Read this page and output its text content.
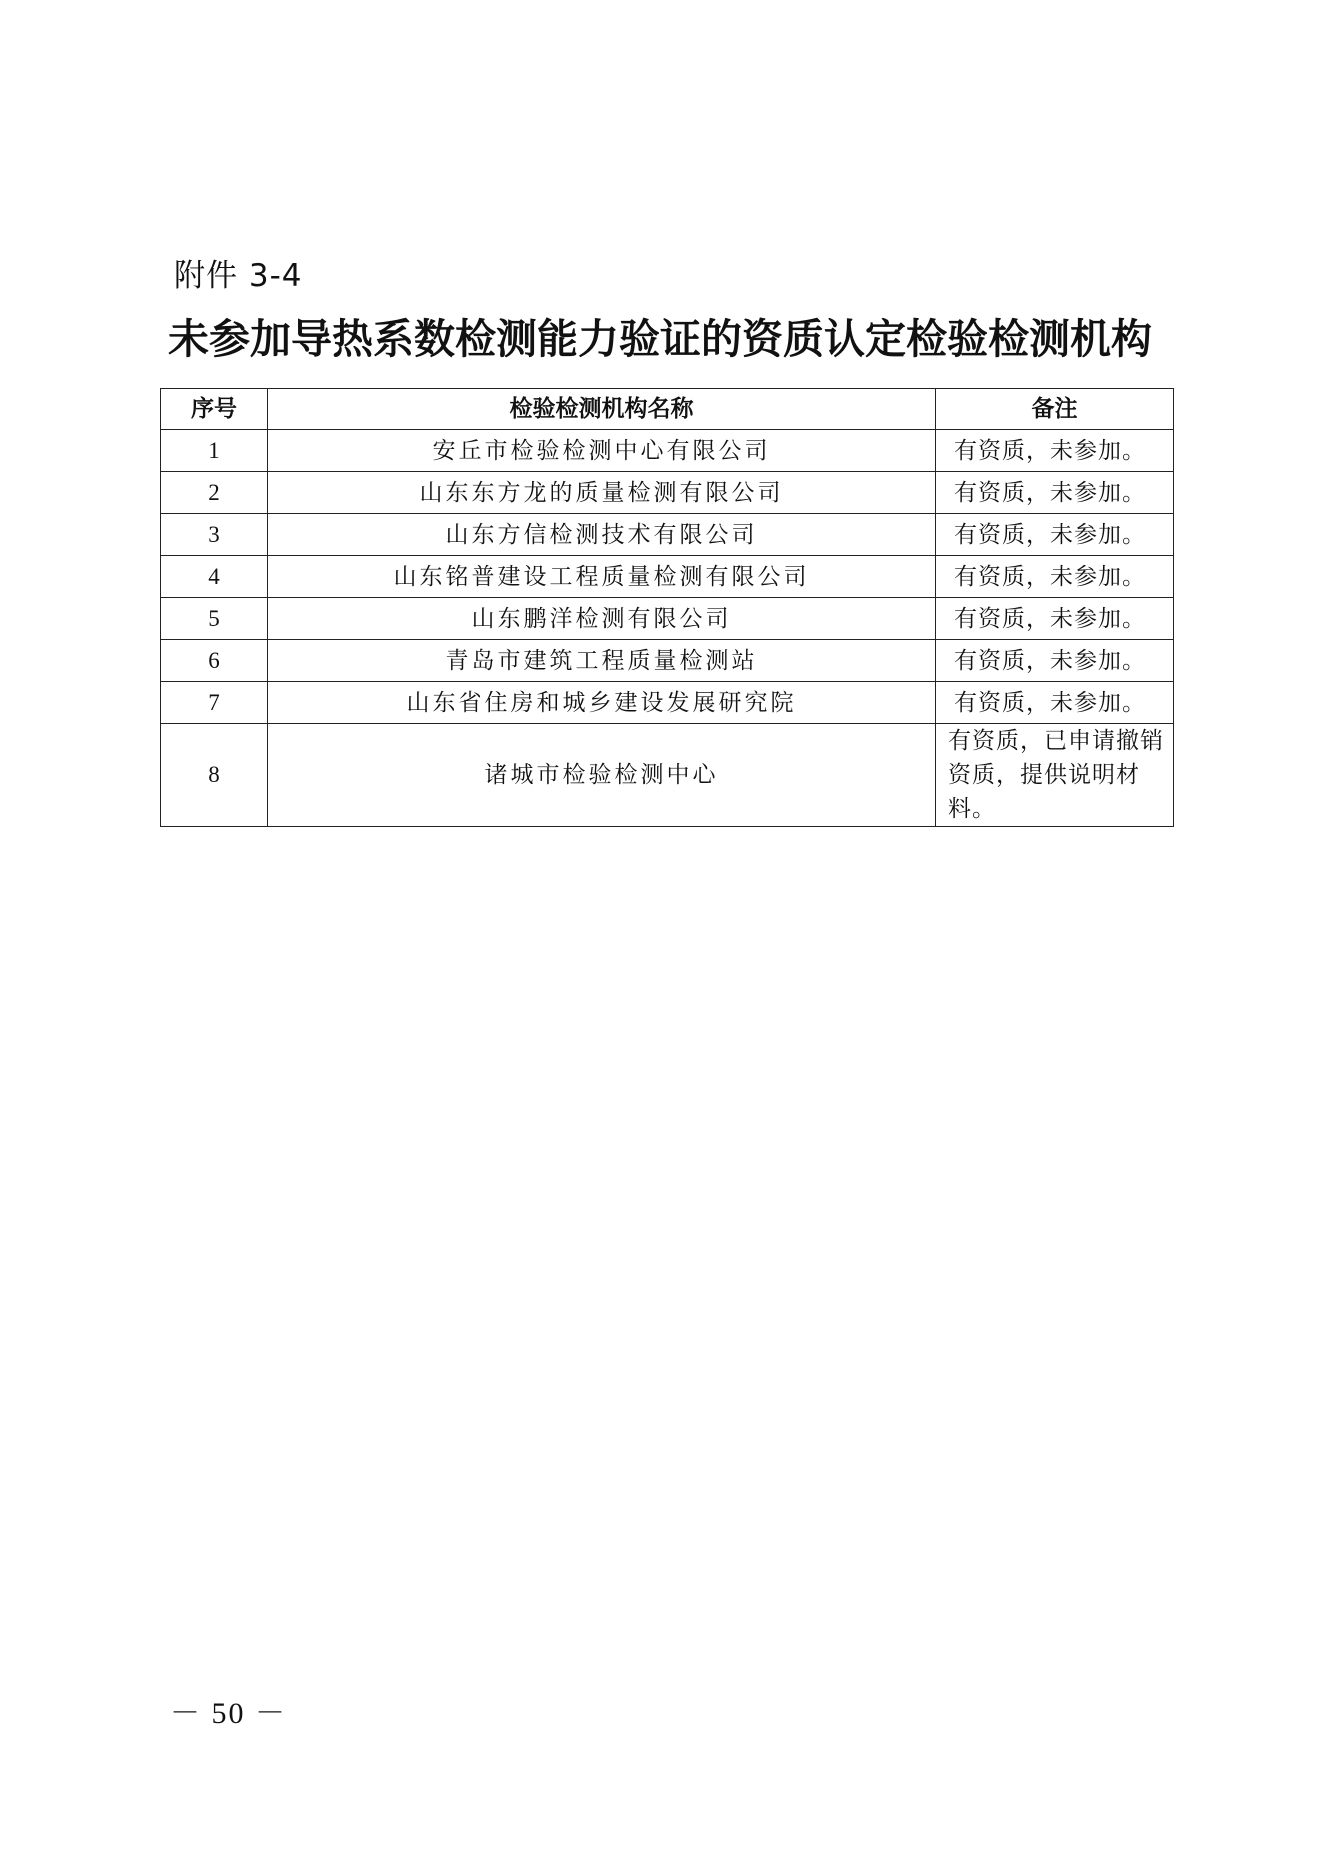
附件 3-4
未参加导热系数检测能力验证的资质认定检验检测机构
序号	检验检测机构名称	备注
1	安丘市检验检测中心有限公司	有资质，未参加。
2	山东东方龙的质量检测有限公司	有资质，未参加。
3	山东方信检测技术有限公司	有资质，未参加。
4	山东铭普建设工程质量检测有限公司	有资质，未参加。
5	山东鹏洋检测有限公司	有资质，未参加。
6	青岛市建筑工程质量检测站	有资质，未参加。
7	山东省住房和城乡建设发展研究院	有资质，未参加。
8	诸城市检验检测中心	有资质，已申请撤销资质，提供说明材料。
－ 50 －
